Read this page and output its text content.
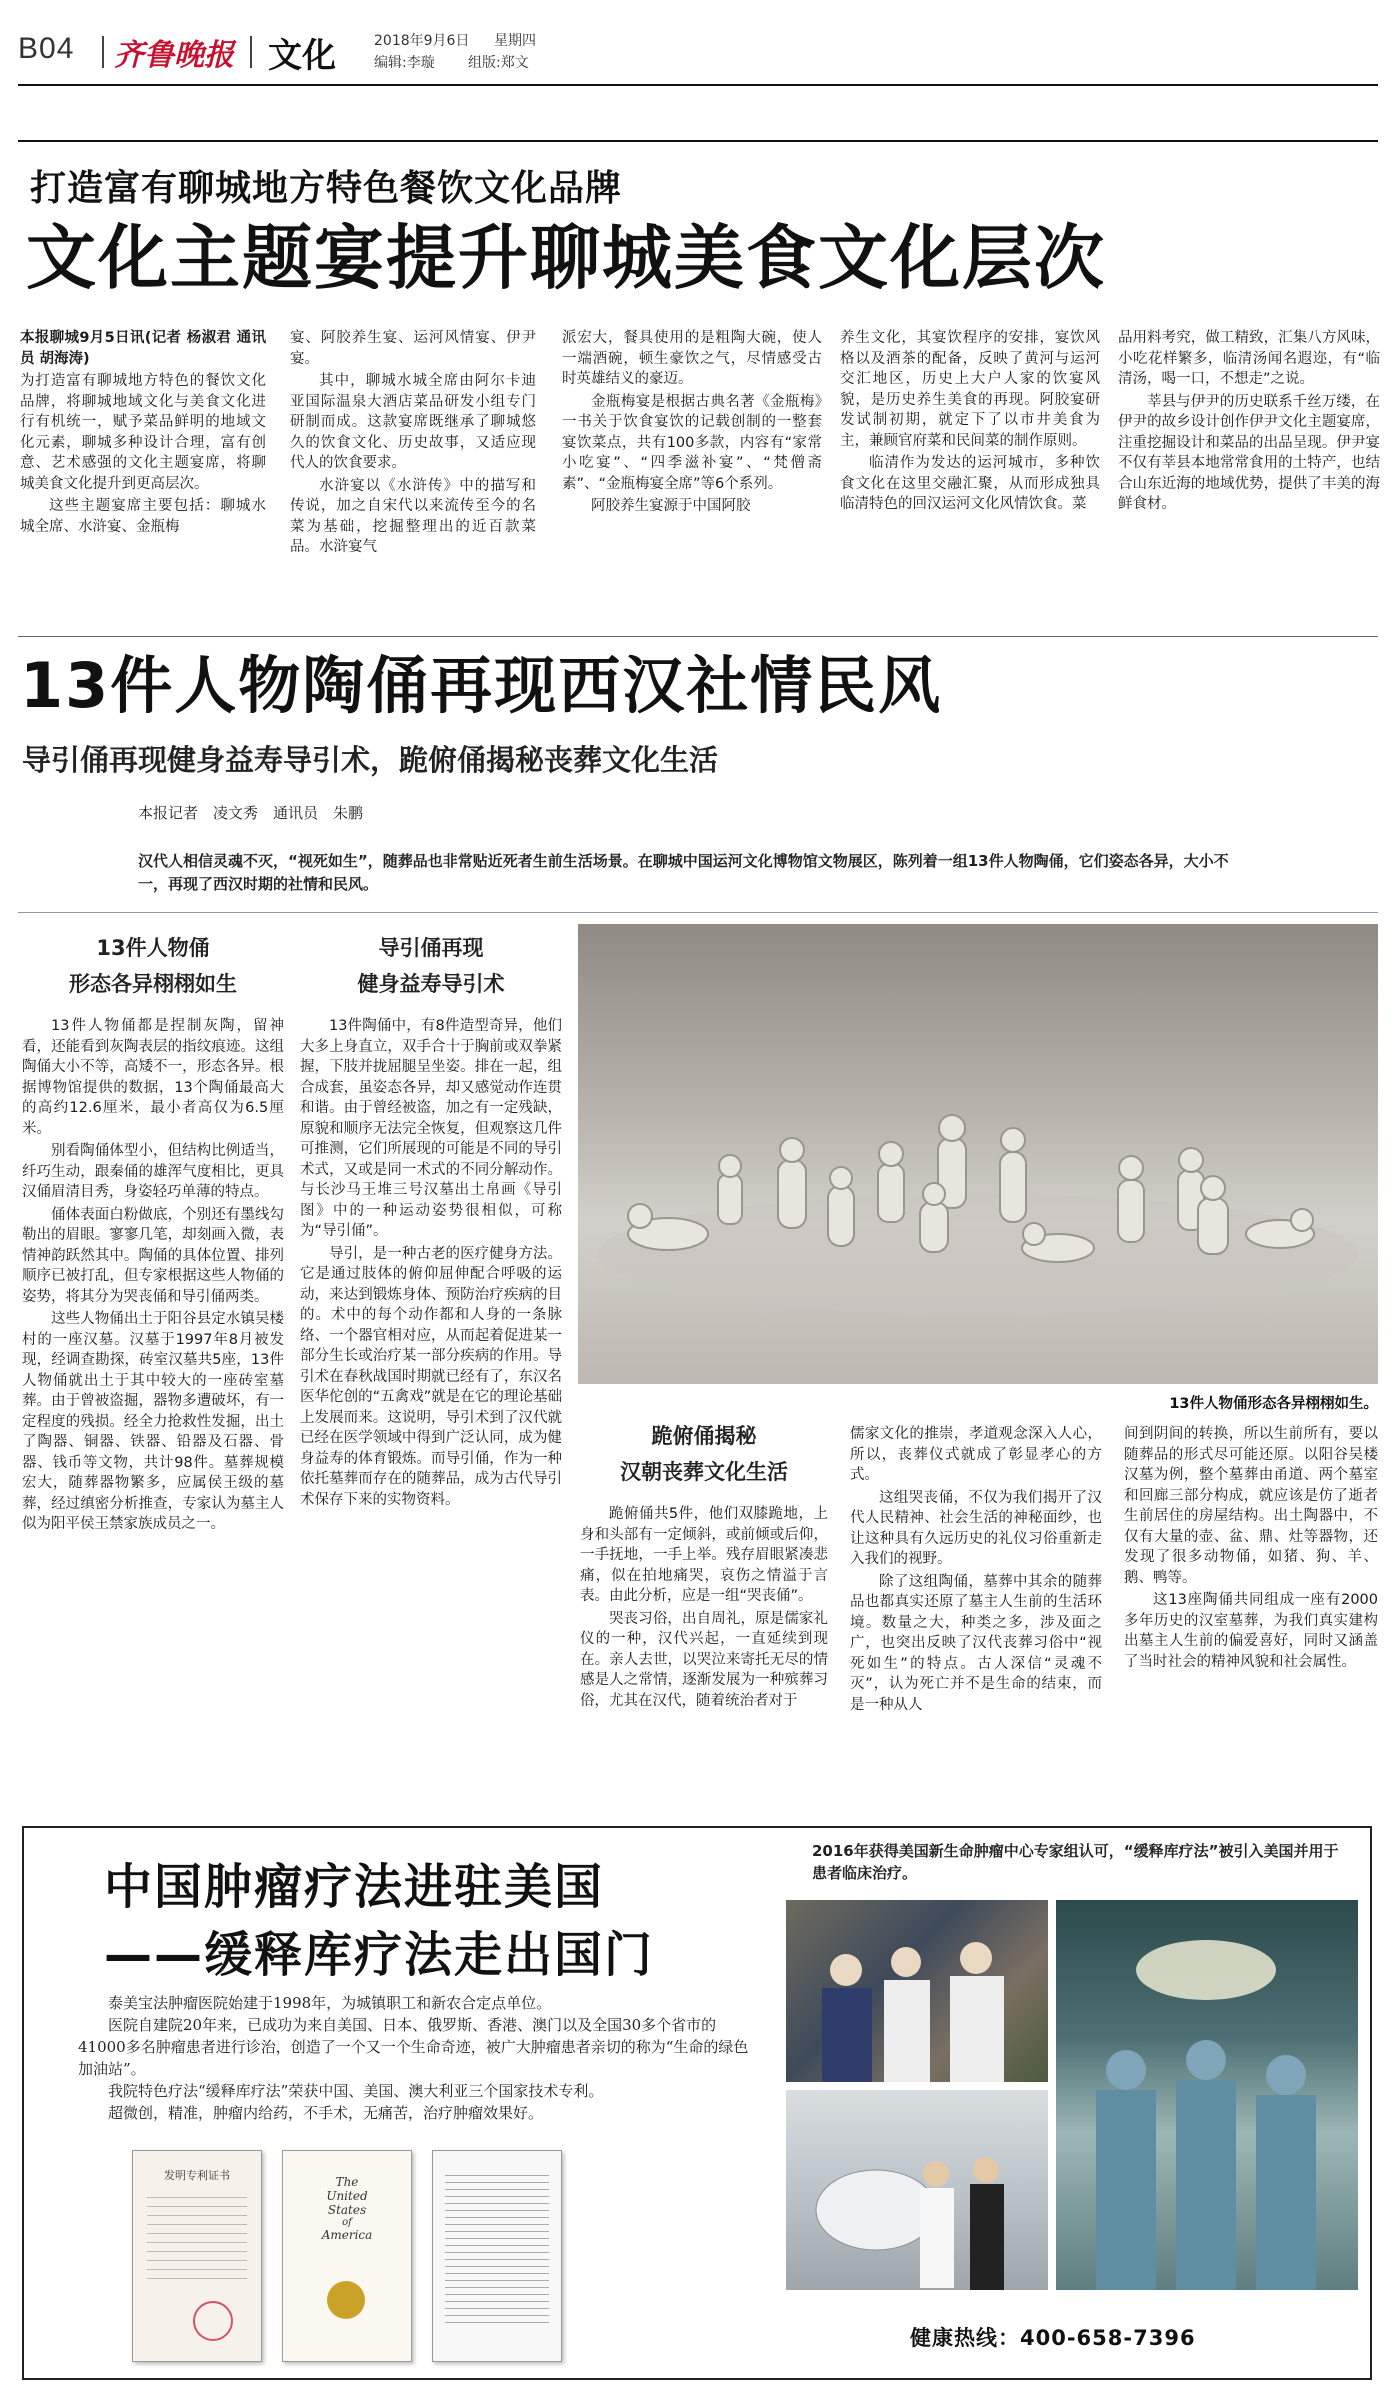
B04 齐鲁晚报 文化	2018年9月6日 星期四
编辑:李璇 组版:郑文
打造富有聊城地方特色餐饮文化品牌
文化主题宴提升聊城美食文化层次

本报聊城9月5日讯(记者 杨淑君 通讯员 胡海涛)

为打造富有聊城地方特色的餐饮文化品牌，将聊城地域文化与美食文化进行有机统一，赋予菜品鲜明的地域文化元素，聊城多种设计合理，富有创意、艺术感强的文化主题宴席，将聊城美食文化提升到更高层次。

这些主题宴席主要包括：聊城水城全席、水浒宴、金瓶梅

宴、阿胶养生宴、运河风情宴、伊尹宴。

其中，聊城水城全席由阿尔卡迪亚国际温泉大酒店菜品研发小组专门研制而成。这款宴席既继承了聊城悠久的饮食文化、历史故事，又适应现代人的饮食要求。

水浒宴以《水浒传》中的描写和传说，加之自宋代以来流传至今的名菜为基础，挖掘整理出的近百款菜品。水浒宴气

派宏大，餐具使用的是粗陶大碗，使人一端酒碗，顿生豪饮之气，尽情感受古时英雄结义的豪迈。

金瓶梅宴是根据古典名著《金瓶梅》一书关于饮食宴饮的记载创制的一整套宴饮菜点，共有100多款，内容有“家常小吃宴”、“四季滋补宴”、“梵僧斋素”、“金瓶梅宴全席”等6个系列。

阿胶养生宴源于中国阿胶

养生文化，其宴饮程序的安排，宴饮风格以及酒茶的配备，反映了黄河与运河交汇地区，历史上大户人家的饮宴风貌，是历史养生美食的再现。阿胶宴研发试制初期，就定下了以市井美食为主，兼顾官府菜和民间菜的制作原则。

临清作为发达的运河城市，多种饮食文化在这里交融汇聚，从而形成独具临清特色的回汉运河文化风情饮食。菜

品用料考究，做工精致，汇集八方风味，小吃花样繁多，临清汤闻名遐迩，有“临清汤，喝一口，不想走”之说。

莘县与伊尹的历史联系千丝万缕，在伊尹的故乡设计创作伊尹文化主题宴席，注重挖掘设计和菜品的出品呈现。伊尹宴不仅有莘县本地常常食用的土特产，也结合山东近海的地域优势，提供了丰美的海鲜食材。

13件人物陶俑再现西汉社情民风
导引俑再现健身益寿导引术，跪俯俑揭秘丧葬文化生活
本报记者　凌文秀　通讯员　朱鹏
汉代人相信灵魂不灭，“视死如生”，随葬品也非常贴近死者生前生活场景。在聊城中国运河文化博物馆文物展区，陈列着一组13件人物陶俑，它们姿态各异，大小不一，再现了西汉时期的社情和民风。
13件人物俑
形态各异栩栩如生

13件人物俑都是捏制灰陶，留神看，还能看到灰陶表层的指纹痕迹。这组陶俑大小不等，高矮不一，形态各异。根据博物馆提供的数据，13个陶俑最高大的高约12.6厘米，最小者高仅为6.5厘米。

别看陶俑体型小，但结构比例适当，纤巧生动，跟秦俑的雄浑气度相比，更具汉俑眉清目秀，身姿轻巧单薄的特点。

俑体表面白粉做底，个别还有墨线勾勒出的眉眼。寥寥几笔，却刻画入微，表情神韵跃然其中。陶俑的具体位置、排列顺序已被打乱，但专家根据这些人物俑的姿势，将其分为哭丧俑和导引俑两类。

这些人物俑出土于阳谷县定水镇吴楼村的一座汉墓。汉墓于1997年8月被发现，经调查勘探，砖室汉墓共5座，13件人物俑就出土于其中较大的一座砖室墓葬。由于曾被盗掘，器物多遭破坏，有一定程度的残损。经全力抢救性发掘，出土了陶器、铜器、铁器、铅器及石器、骨器、钱币等文物，共计98件。墓葬规模宏大，随葬器物繁多，应属侯王级的墓葬，经过缜密分析推查，专家认为墓主人似为阳平侯王禁家族成员之一。

导引俑再现
健身益寿导引术

13件陶俑中，有8件造型奇异，他们大多上身直立，双手合十于胸前或双拳紧握，下肢并拢屈腿呈坐姿。排在一起，组合成套，虽姿态各异，却又感觉动作连贯和谐。由于曾经被盗，加之有一定残缺，原貌和顺序无法完全恢复，但观察这几件可推测，它们所展现的可能是不同的导引术式，又或是同一术式的不同分解动作。与长沙马王堆三号汉墓出土帛画《导引图》中的一种运动姿势很相似，可称为“导引俑”。

导引，是一种古老的医疗健身方法。它是通过肢体的俯仰屈伸配合呼吸的运动，来达到锻炼身体、预防治疗疾病的目的。术中的每个动作都和人身的一条脉络、一个器官相对应，从而起着促进某一部分生长或治疗某一部分疾病的作用。导引术在春秋战国时期就已经有了，东汉名医华佗创的“五禽戏”就是在它的理论基础上发展而来。这说明，导引术到了汉代就已经在医学领域中得到广泛认同，成为健身益寿的体育锻炼。而导引俑，作为一种依托墓葬而存在的随葬品，成为古代导引术保存下来的实物资料。

13件人物俑形态各异栩栩如生。
跪俯俑揭秘
汉朝丧葬文化生活

跪俯俑共5件，他们双膝跪地，上身和头部有一定倾斜，或前倾或后仰，一手抚地，一手上举。残存眉眼紧凑悲痛，似在拍地痛哭，哀伤之情溢于言表。由此分析，应是一组“哭丧俑”。

哭丧习俗，出自周礼，原是儒家礼仪的一种，汉代兴起，一直延续到现在。亲人去世，以哭泣来寄托无尽的情感是人之常情，逐渐发展为一种殡葬习俗，尤其在汉代，随着统治者对于

儒家文化的推崇，孝道观念深入人心，所以，丧葬仪式就成了彰显孝心的方式。

这组哭丧俑，不仅为我们揭开了汉代人民精神、社会生活的神秘面纱，也让这种具有久远历史的礼仪习俗重新走入我们的视野。

除了这组陶俑，墓葬中其余的随葬品也都真实还原了墓主人生前的生活环境。数量之大，种类之多，涉及面之广，也突出反映了汉代丧葬习俗中“视死如生”的特点。古人深信“灵魂不灭”，认为死亡并不是生命的结束，而是一种从人

间到阴间的转换，所以生前所有，要以随葬品的形式尽可能还原。以阳谷吴楼汉墓为例，整个墓葬由甬道、两个墓室和回廊三部分构成，就应该是仿了逝者生前居住的房屋结构。出土陶器中，不仅有大量的壶、盆、鼎、灶等器物，还发现了很多动物俑，如猪、狗、羊、鹅、鸭等。

这13座陶俑共同组成一座有2000多年历史的汉室墓葬，为我们真实建构出墓主人生前的偏爱喜好，同时又涵盖了当时社会的精神风貌和社会属性。

中国肿瘤疗法进驻美国
——缓释库疗法走出国门
泰美宝法肿瘤医院始建于1998年，为城镇职工和新农合定点单位。
医院自建院20年来，已成功为来自美国、日本、俄罗斯、香港、澳门以及全国30多个省市的41000多名肿瘤患者进行诊治，创造了一个又一个生命奇迹，被广大肿瘤患者亲切的称为“生命的绿色加油站”。
我院特色疗法“缓释库疗法”荣获中国、美国、澳大利亚三个国家技术专利。
超微创，精准，肿瘤内给药，不手术，无痛苦，治疗肿瘤效果好。
发明专利证书	The
United
States
of
America
2016年获得美国新生命肿瘤中心专家组认可，“缓释库疗法”被引入美国并用于患者临床治疗。
健康热线：400-658-7396
